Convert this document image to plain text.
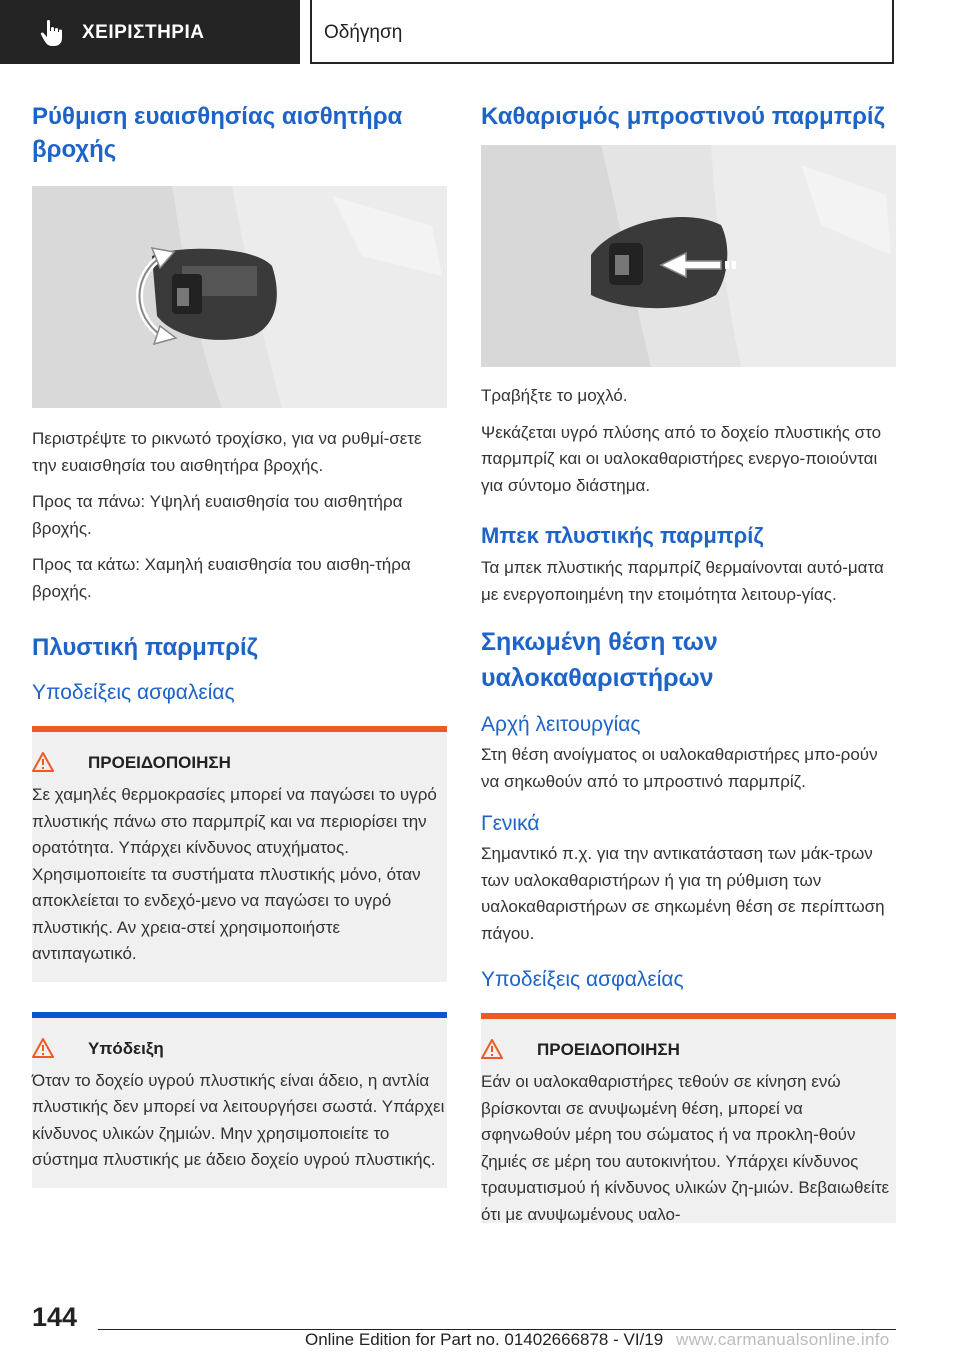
ΧΕΙΡΙΣΤΗΡΙΑ	Οδήγηση
Ρύθμιση ευαισθησίας αισθητήρα βροχής

Περιστρέψτε το ρικνωτό τροχίσκο, για να ρυθμί-σετε την ευαισθησία του αισθητήρα βροχής.

Προς τα πάνω: Υψηλή ευαισθησία του αισθητήρα βροχής.

Προς τα κάτω: Χαμηλή ευαισθησία του αισθη-τήρα βροχής.

Πλυστική παρμπρίζ
Υποδείξεις ασφαλείας
ΠΡΟΕΙΔΟΠΟΙΗΣΗ

Σε χαμηλές θερμοκρασίες μπορεί να παγώσει το υγρό πλυστικής πάνω στο παρμπρίζ και να περιορίσει την ορατότητα. Υπάρχει κίνδυνος ατυχήματος. Χρησιμοποιείτε τα συστήματα πλυστικής μόνο, όταν αποκλείεται το ενδεχό-μενο να παγώσει το υγρό πλυστικής. Αν χρεια-στεί χρησιμοποιήστε αντιπαγωτικό.

Υπόδειξη

Όταν το δοχείο υγρού πλυστικής είναι άδειο, η αντλία πλυστικής δεν μπορεί να λειτουργήσει σωστά. Υπάρχει κίνδυνος υλικών ζημιών. Μην χρησιμοποιείτε το σύστημα πλυστικής με άδειο δοχείο υγρού πλυστικής.

Καθαρισμός μπροστινού παρμπρίζ

Τραβήξτε το μοχλό.

Ψεκάζεται υγρό πλύσης από το δοχείο πλυστικής στο παρμπρίζ και οι υαλοκαθαριστήρες ενεργο-ποιούνται για σύντομο διάστημα.

Μπεκ πλυστικής παρμπρίζ

Τα μπεκ πλυστικής παρμπρίζ θερμαίνονται αυτό-ματα με ενεργοποιημένη την ετοιμότητα λειτουρ-γίας.

Σηκωμένη θέση των υαλοκαθαριστήρων
Αρχή λειτουργίας

Στη θέση ανοίγματος οι υαλοκαθαριστήρες μπο-ρούν να σηκωθούν από το μπροστινό παρμπρίζ.

Γενικά

Σημαντικό π.χ. για την αντικατάσταση των μάκ-τρων των υαλοκαθαριστήρων ή για τη ρύθμιση των υαλοκαθαριστήρων σε σηκωμένη θέση σε περίπτωση πάγου.

Υποδείξεις ασφαλείας
ΠΡΟΕΙΔΟΠΟΙΗΣΗ

Εάν οι υαλοκαθαριστήρες τεθούν σε κίνηση ενώ βρίσκονται σε ανυψωμένη θέση, μπορεί να σφηνωθούν μέρη του σώματος ή να προκλη-θούν ζημιές σε μέρη του αυτοκινήτου. Υπάρχει κίνδυνος τραυματισμού ή κίνδυνος υλικών ζη-μιών. Βεβαιωθείτε ότι με ανυψωμένους υαλο-

144
Online Edition for Part no. 01402666878 - VI/19 www.carmanualsonline.info
